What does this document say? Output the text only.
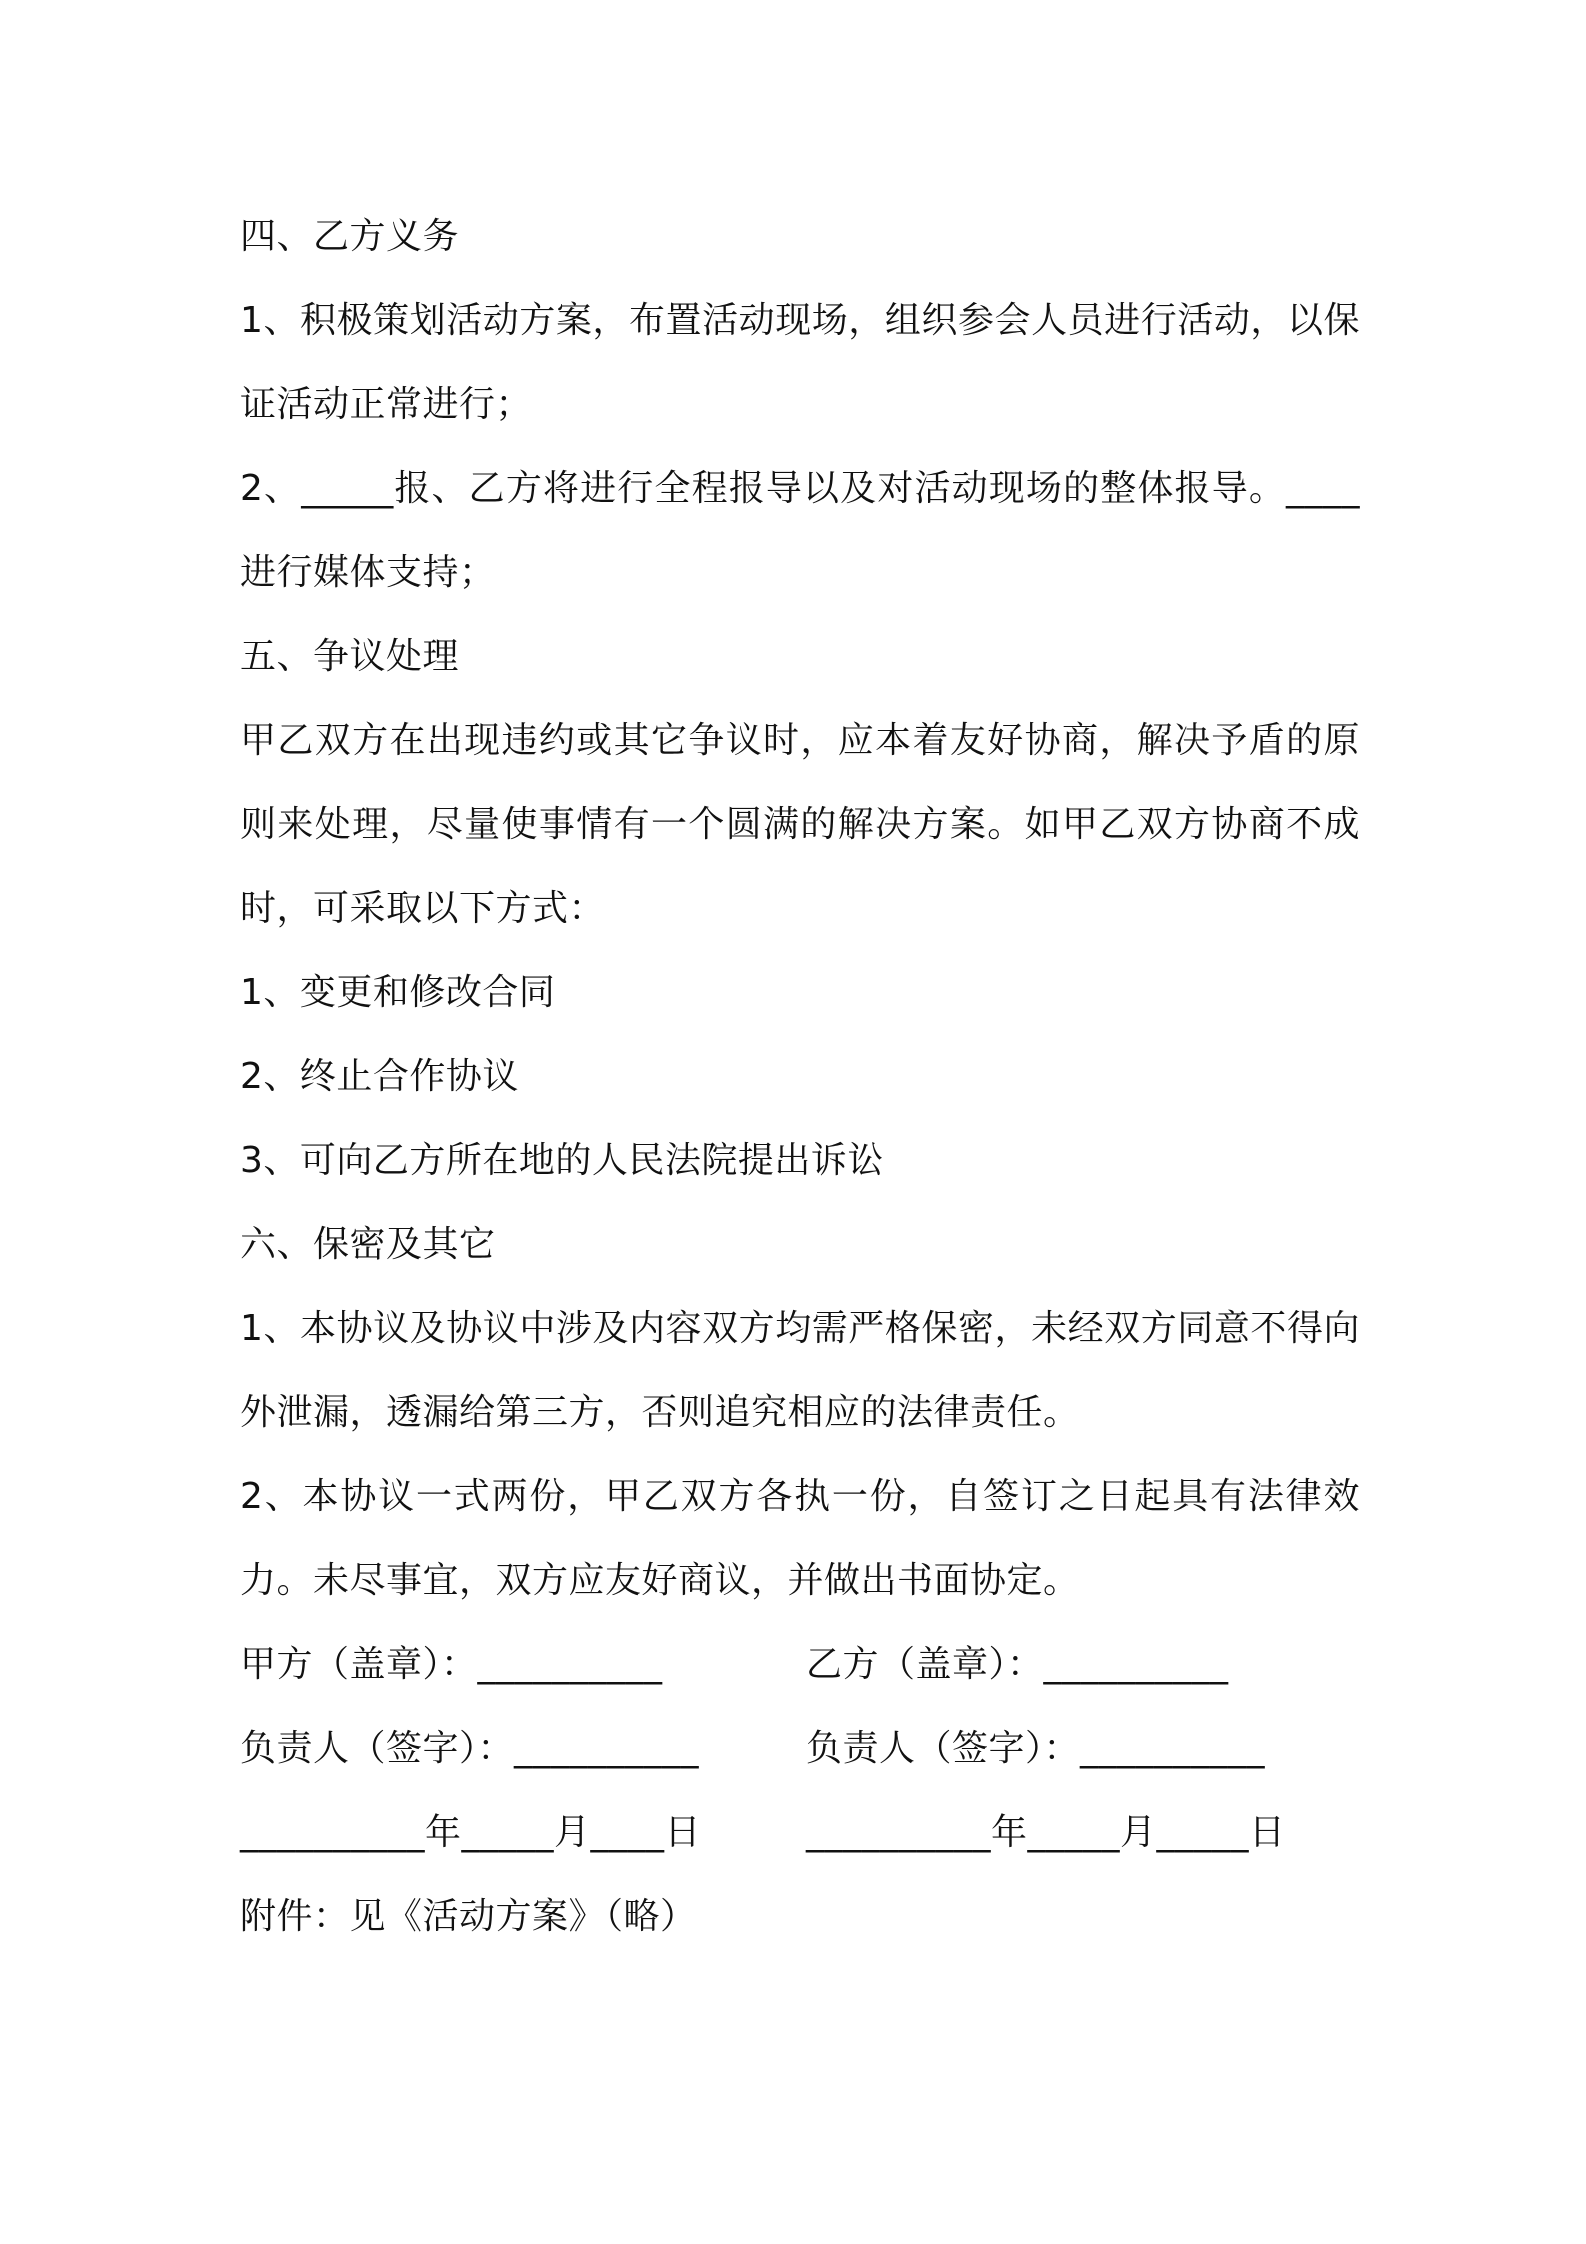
四、乙方义务
1、积极策划活动方案，布置活动现场，组织参会人员进行活动，以保证活动正常进行；
2、_____报、乙方将进行全程报导以及对活动现场的整体报导。____进行媒体支持；
五、争议处理
甲乙双方在出现违约或其它争议时，应本着友好协商，解决予盾的原则来处理，尽量使事情有一个圆满的解决方案。如甲乙双方协商不成时，可采取以下方式：
1、变更和修改合同
2、终止合作协议
3、可向乙方所在地的人民法院提出诉讼
六、保密及其它
1、本协议及协议中涉及内容双方均需严格保密，未经双方同意不得向外泄漏，透漏给第三方，否则追究相应的法律责任。
2、本协议一式两份，甲乙双方各执一份，自签订之日起具有法律效力。未尽事宜，双方应友好商议，并做出书面协定。
甲方（盖章）：__________	乙方（盖章）：__________
负责人（签字）：__________	负责人（签字）：__________
__________年_____月____日	__________年_____月_____日
附件：见《活动方案》（略）
